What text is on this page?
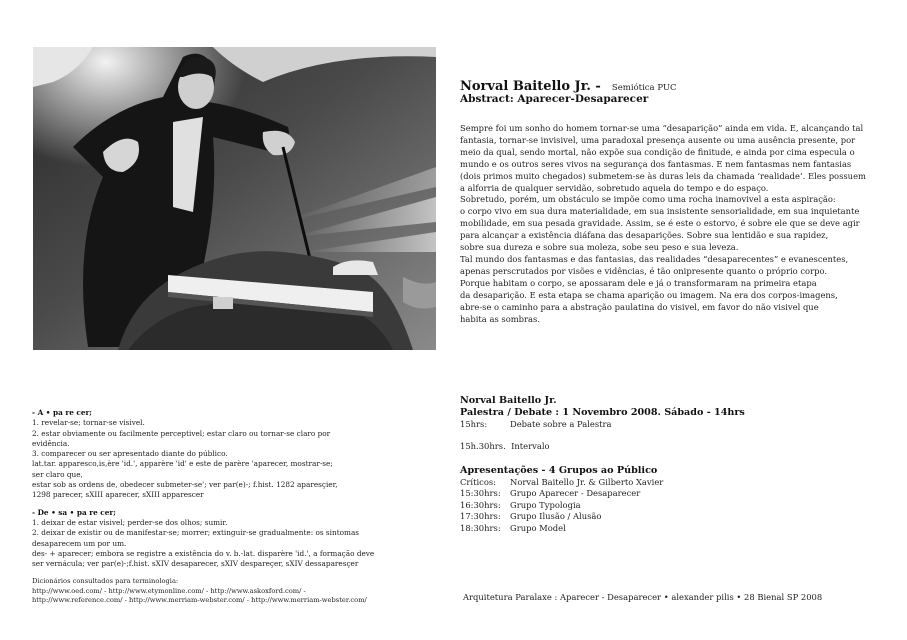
Norval Baitello Jr. - Semiótica PUC
Abstract: Aparecer-Desaparecer

Sempre foi um sonho do homem tornar-se uma “desaparição” ainda em vida. E, alcançando tal

fantasia, tornar-se invisivel, uma paradoxal presença ausente ou uma ausência presente, por

meio da qual, sendo mortal, não expõe sua condição de finitude, e ainda por cima especula o

mundo e os outros seres vivos na segurança dos fantasmas. E nem fantasmas nem fantasias

(dois primos muito chegados) submetem-se às duras leis da chamada ‘realidade’. Eles possuem

a alforria de qualquer servidão, sobretudo aquela do tempo e do espaço.

Sobretudo, porém, um obstáculo se impõe como uma rocha inamovivel a esta aspiração:

o corpo vivo em sua dura materialidade, em sua insistente sensorialidade, em sua inquietante

mobilidade, em sua pesada gravidade. Assim, se é este o estorvo, é sobre ele que se deve agir

para alcançar a existência diáfana das desaparições. Sobre sua lentidão e sua rapidez,

sobre sua dureza e sobre sua moleza, sobe seu peso e sua leveza.

Tal mundo dos fantasmas e das fantasias, das realidades “desaparecentes” e evanescentes,

apenas perscrutados por visões e vidências, é tão onipresente quanto o próprio corpo.

Porque habitam o corpo, se apossaram dele e já o transformaram na primeira etapa

da desaparição. E esta etapa se chama aparição ou imagem. Na era dos corpos-imagens,

abre-se o caminho para a abstração paulatina do visivel, em favor do não visivel que

habita as sombras.

Norval Baitello Jr.
Palestra / Debate : 1 Novembro 2008. Sábado - 14hrs
15hrs:	Debate sobre a Palestra
15h.30hrs. Intervalo
Apresentações - 4 Grupos ao Público
Críticos: Norval Baitello Jr. & Gilberto Xavier
15:30hrs: Grupo Aparecer - Desaparecer
16:30hrs: Grupo Typologia
17:30hrs: Grupo Ilusão / Alusão
18:30hrs: Grupo Model
Arquitetura Paralaxe : Aparecer - Desaparecer • alexander pilis • 28 Bienal SP 2008

- A • pa re cer;

1. revelar-se; tornar-se visivel.

2. estar obviamente ou facilmente perceptivel; estar claro ou tornar-se claro por

evidência.

3. comparecer ou ser apresentado diante do público.

lat.tar. apparesco,is,ère 'id.', apparère 'id' e este de parère 'aparecer, mostrar-se;

ser claro que,

estar sob as ordens de, obedecer submeter-se'; ver par(e)-; f.hist. 1282 aparesçier,

1298 parecer, sXIII aparecer, sXIII apparescer

- De • sa • pa re cer;

1. deixar de estar visivel; perder-se dos olhos; sumir.

2. deixar de existir ou de manifestar-se; morrer; extinguir-se gradualmente: os sintomas

desaparecem um por um.

des- + aparecer; embora se registre a existência do v. b.-lat. disparère 'id.', a formação deve

ser vernácula; ver par(e)-;f.hist. sXIV desaparecer, sXIV despareçer, sXIV dessaparesçer

Dicionários consultados para terminologia:

http://www.oed.com/ - http://www.etymonline.com/ - http://www.askoxford.com/ -

http://www.reference.com/ - http://www.merriam-webster.com/ - http://www.merriam-webster.com/
